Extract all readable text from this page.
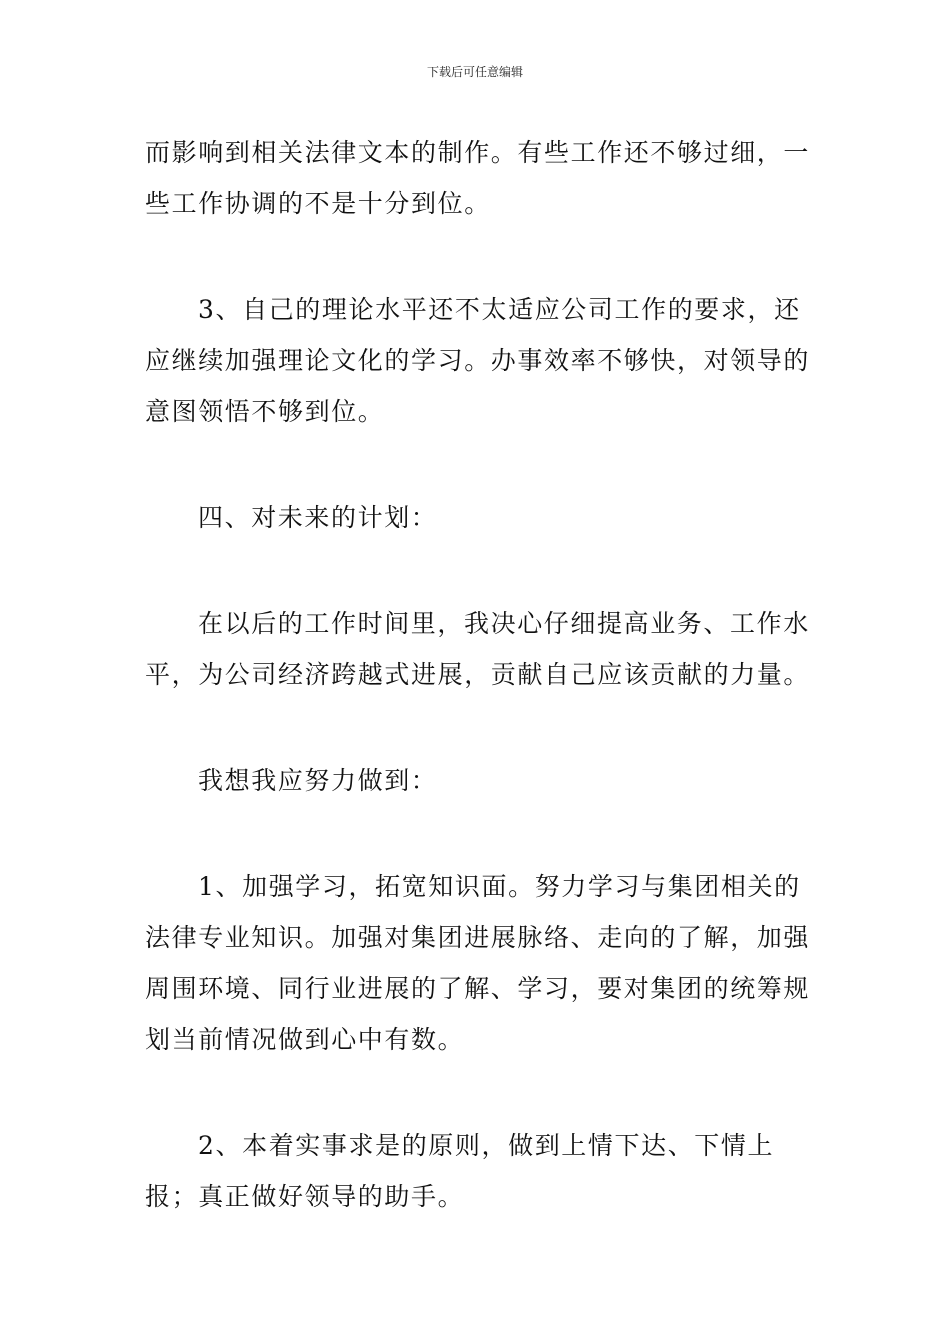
下载后可任意编辑

而影响到相关法律文本的制作。有些工作还不够过细，一些工作协调的不是十分到位。

3、自己的理论水平还不太适应公司工作的要求，还应继续加强理论文化的学习。办事效率不够快，对领导的意图领悟不够到位。

四、对未来的计划：

在以后的工作时间里，我决心仔细提高业务、工作水平，为公司经济跨越式进展，贡献自己应该贡献的力量。

我想我应努力做到：

1、加强学习，拓宽知识面。努力学习与集团相关的法律专业知识。加强对集团进展脉络、走向的了解，加强周围环境、同行业进展的了解、学习，要对集团的统筹规划当前情况做到心中有数。

2、本着实事求是的原则，做到上情下达、下情上报；真正做好领导的助手。
